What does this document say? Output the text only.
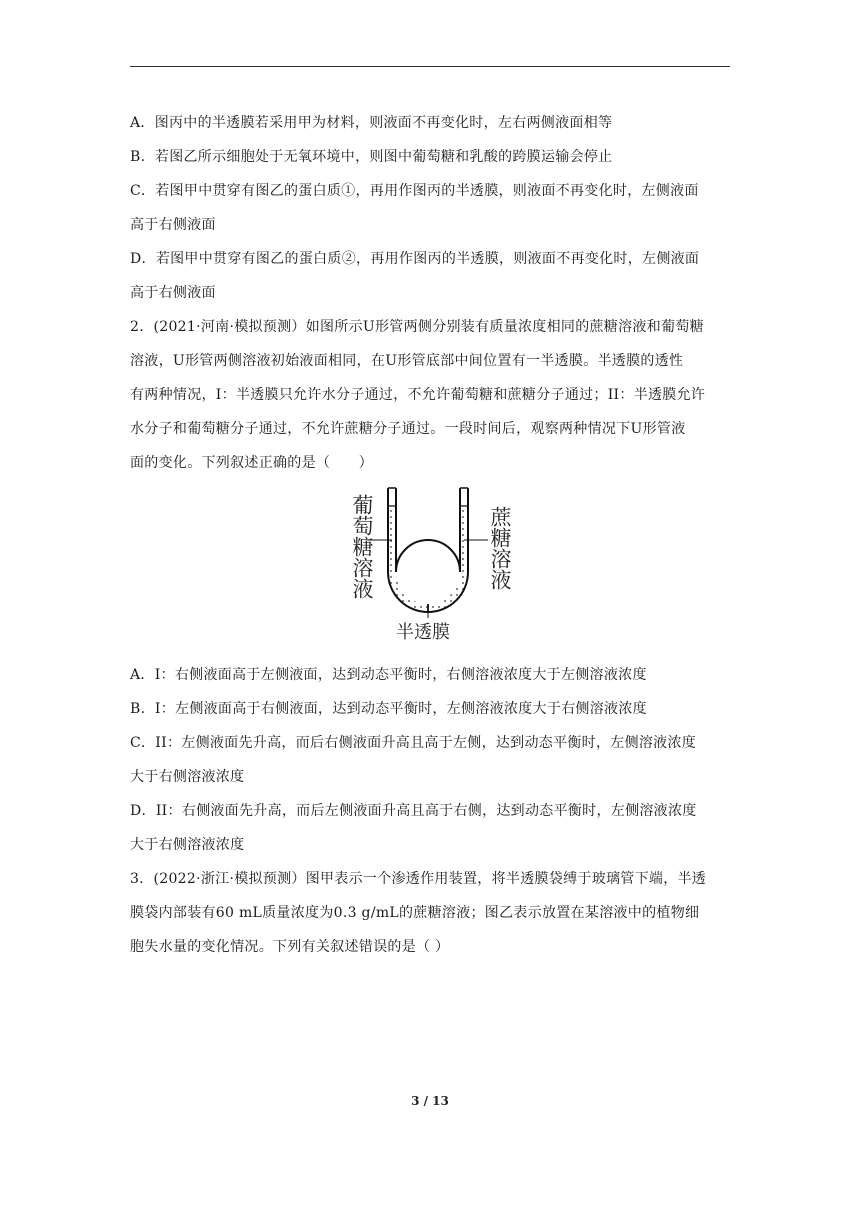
A．图丙中的半透膜若采用甲为材料，则液面不再变化时，左右两侧液面相等
B．若图乙所示细胞处于无氧环境中，则图中葡萄糖和乳酸的跨膜运输会停止
C．若图甲中贯穿有图乙的蛋白质①，再用作图丙的半透膜，则液面不再变化时，左侧液面
高于右侧液面
D．若图甲中贯穿有图乙的蛋白质②，再用作图丙的半透膜，则液面不再变化时，左侧液面
高于右侧液面
2．(2021·河南·模拟预测）如图所示U形管两侧分别装有质量浓度相同的蔗糖溶液和葡萄糖
溶液，U形管两侧溶液初始液面相同，在U形管底部中间位置有一半透膜。半透膜的透性
有两种情况，I：半透膜只允许水分子通过，不允许葡萄糖和蔗糖分子通过；II：半透膜允许
水分子和葡萄糖分子通过，不允许蔗糖分子通过。一段时间后，观察两种情况下U形管液
面的变化。下列叙述正确的是（　　）
葡萄糖溶液	蔗糖溶液
半透膜
A．I：右侧液面高于左侧液面，达到动态平衡时，右侧溶液浓度大于左侧溶液浓度
B．I：左侧液面高于右侧液面，达到动态平衡时，左侧溶液浓度大于右侧溶液浓度
C．II：左侧液面先升高，而后右侧液面升高且高于左侧，达到动态平衡时，左侧溶液浓度
大于右侧溶液浓度
D．II：右侧液面先升高，而后左侧液面升高且高于右侧，达到动态平衡时，左侧溶液浓度
大于右侧溶液浓度
3．(2022·浙江·模拟预测）图甲表示一个渗透作用装置，将半透膜袋缚于玻璃管下端，半透
膜袋内部装有60 mL质量浓度为0.3 g/mL的蔗糖溶液；图乙表示放置在某溶液中的植物细
胞失水量的变化情况。下列有关叙述错误的是（ ）
3 / 13
